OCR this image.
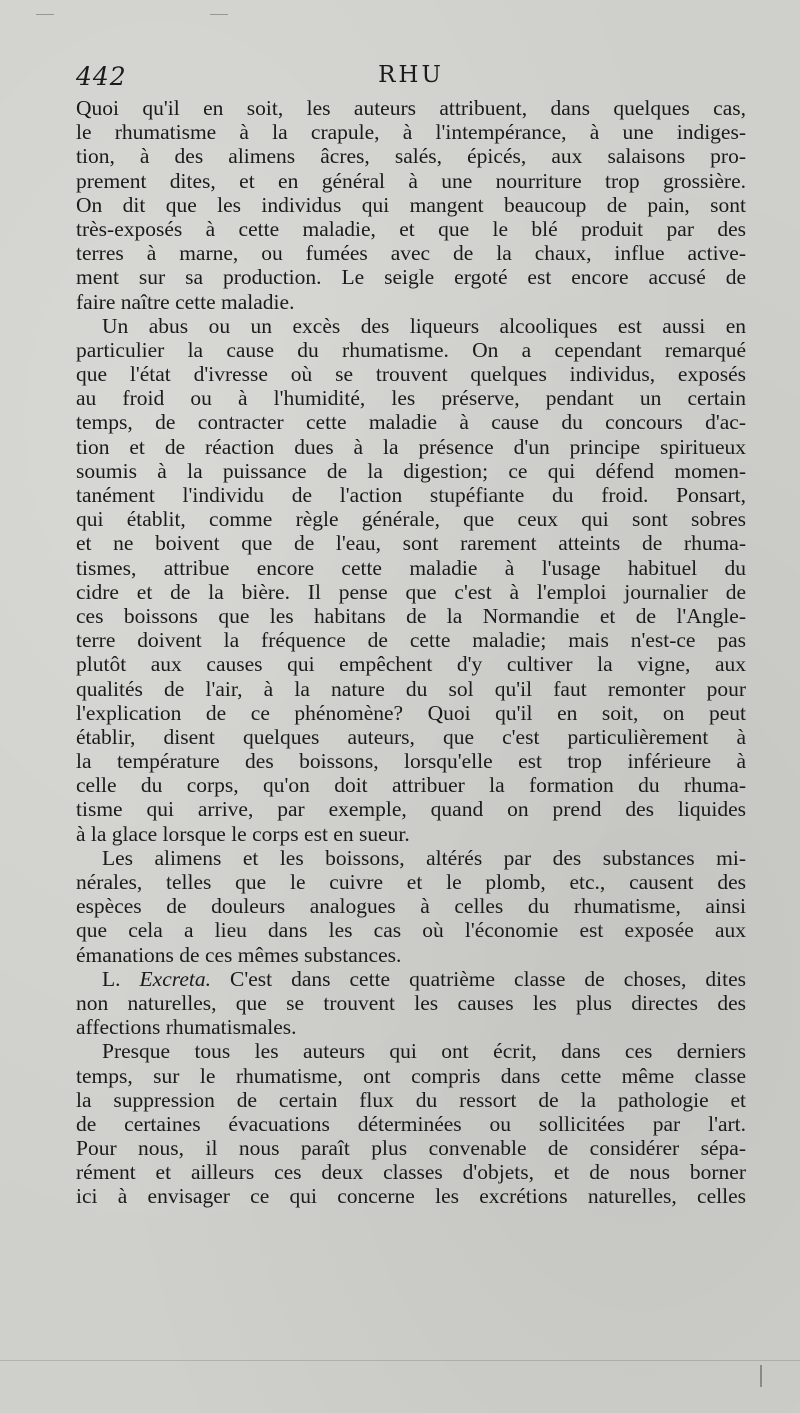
442	RHU
Quoi qu'il en soit, les auteurs attribuent, dans quelques cas,
le rhumatisme à la crapule, à l'intempérance, à une indiges-
tion, à des alimens âcres, salés, épicés, aux salaisons pro-
prement dites, et en général à une nourriture trop grossière.
On dit que les individus qui mangent beaucoup de pain, sont
très-exposés à cette maladie, et que le blé produit par des
terres à marne, ou fumées avec de la chaux, influe active-
ment sur sa production. Le seigle ergoté est encore accusé de
faire naître cette maladie.
Un abus ou un excès des liqueurs alcooliques est aussi en
particulier la cause du rhumatisme. On a cependant remarqué
que l'état d'ivresse où se trouvent quelques individus, exposés
au froid ou à l'humidité, les préserve, pendant un certain
temps, de contracter cette maladie à cause du concours d'ac-
tion et de réaction dues à la présence d'un principe spiritueux
soumis à la puissance de la digestion; ce qui défend momen-
tanément l'individu de l'action stupéfiante du froid. Ponsart,
qui établit, comme règle générale, que ceux qui sont sobres
et ne boivent que de l'eau, sont rarement atteints de rhuma-
tismes, attribue encore cette maladie à l'usage habituel du
cidre et de la bière. Il pense que c'est à l'emploi journalier de
ces boissons que les habitans de la Normandie et de l'Angle-
terre doivent la fréquence de cette maladie; mais n'est-ce pas
plutôt aux causes qui empêchent d'y cultiver la vigne, aux
qualités de l'air, à la nature du sol qu'il faut remonter pour
l'explication de ce phénomène? Quoi qu'il en soit, on peut
établir, disent quelques auteurs, que c'est particulièrement à
la température des boissons, lorsqu'elle est trop inférieure à
celle du corps, qu'on doit attribuer la formation du rhuma-
tisme qui arrive, par exemple, quand on prend des liquides
à la glace lorsque le corps est en sueur.
Les alimens et les boissons, altérés par des substances mi-
nérales, telles que le cuivre et le plomb, etc., causent des
espèces de douleurs analogues à celles du rhumatisme, ainsi
que cela a lieu dans les cas où l'économie est exposée aux
émanations de ces mêmes substances.
L. Excreta. C'est dans cette quatrième classe de choses, dites
non naturelles, que se trouvent les causes les plus directes des
affections rhumatismales.
Presque tous les auteurs qui ont écrit, dans ces derniers
temps, sur le rhumatisme, ont compris dans cette même classe
la suppression de certain flux du ressort de la pathologie et
de certaines évacuations déterminées ou sollicitées par l'art.
Pour nous, il nous paraît plus convenable de considérer sépa-
rément et ailleurs ces deux classes d'objets, et de nous borner
ici à envisager ce qui concerne les excrétions naturelles, celles
